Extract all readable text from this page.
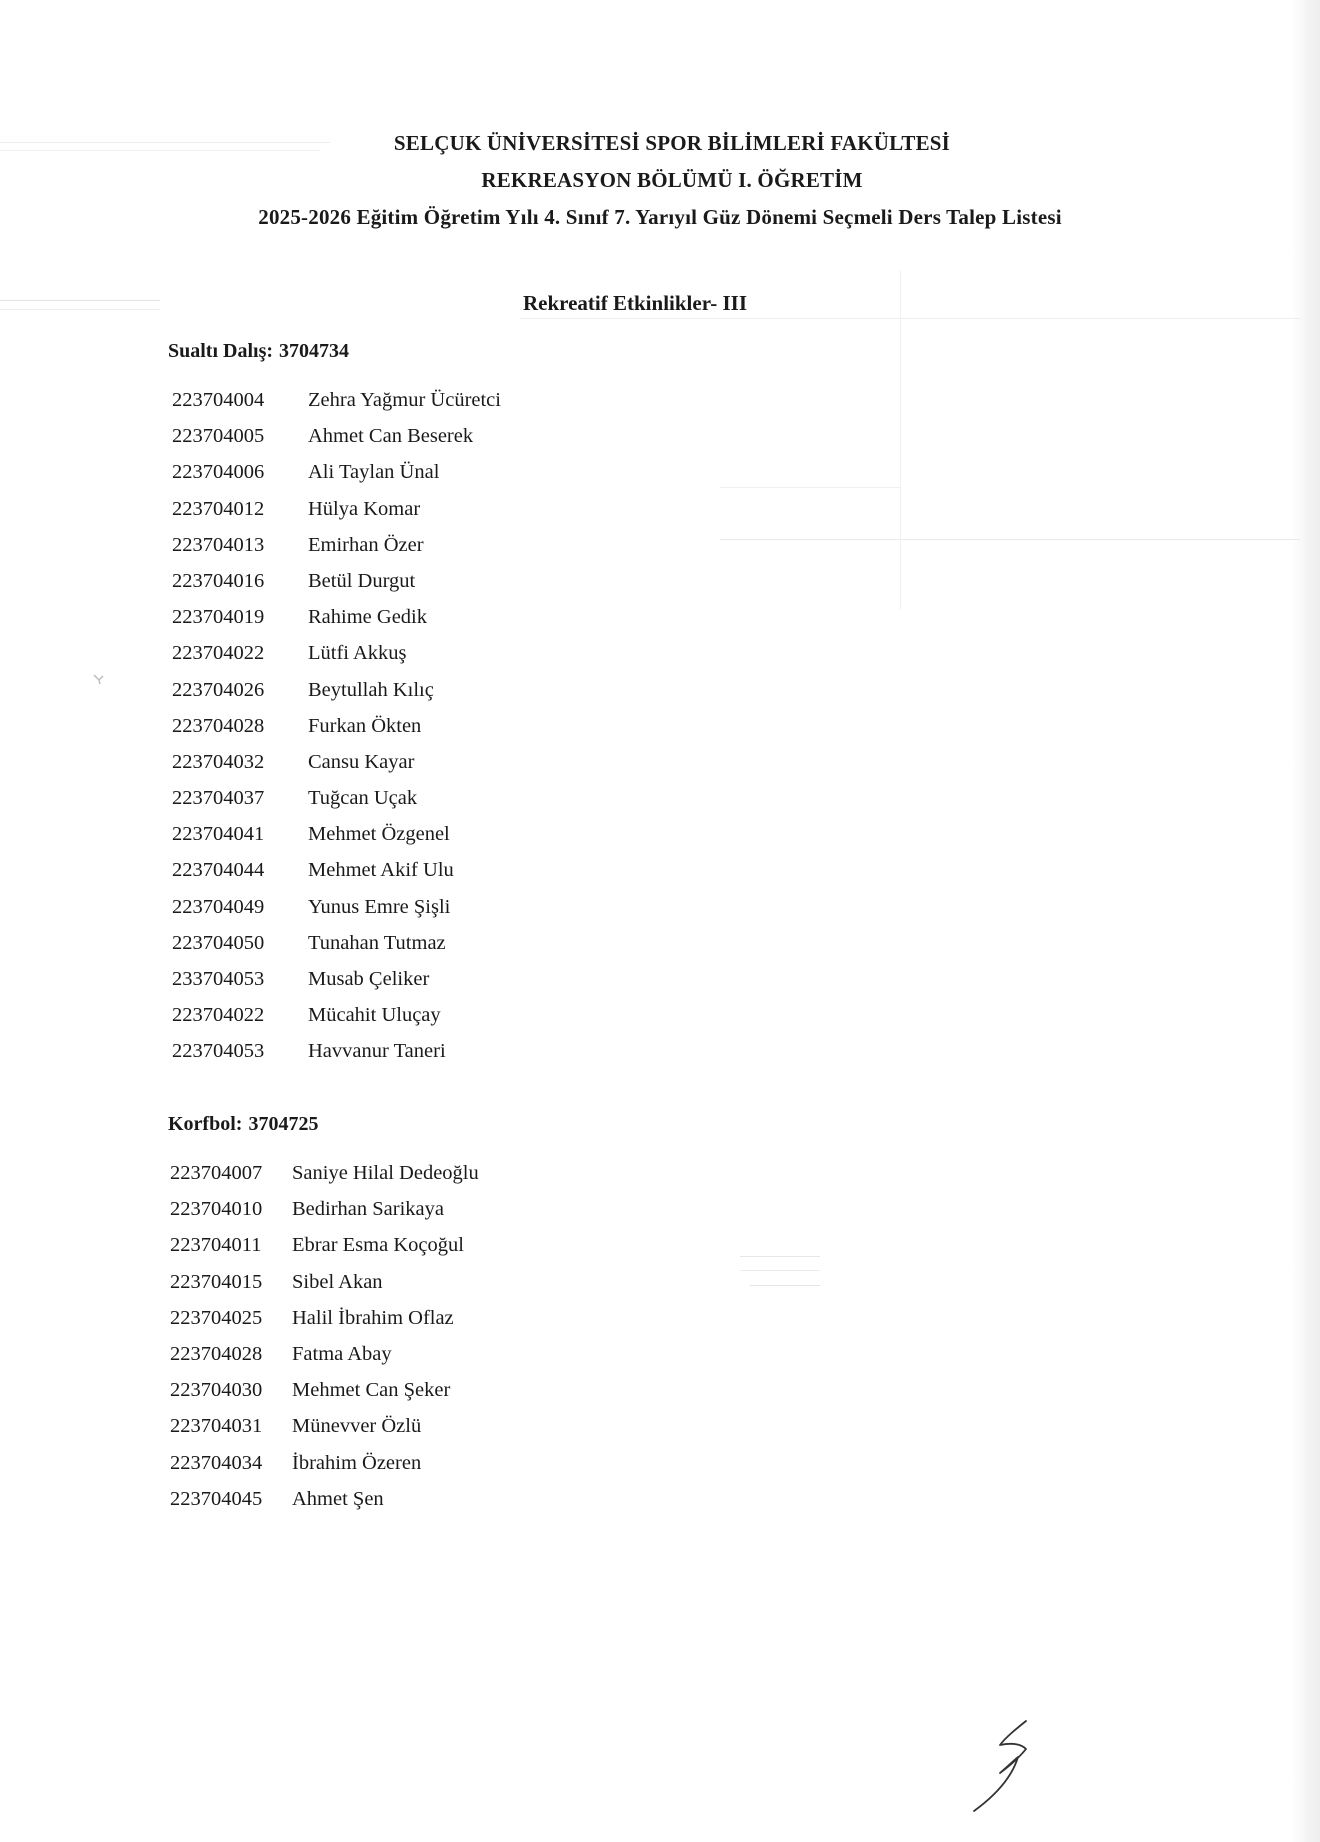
SELÇUK ÜNİVERSİTESİ SPOR BİLİMLERİ FAKÜLTESİ

REKREASYON BÖLÜMÜ I. ÖĞRETİM

2025-2026 Eğitim Öğretim Yılı 4. Sınıf 7. Yarıyıl Güz Dönemi Seçmeli Ders Talep Listesi

Rekreatif Etkinlikler- III

Sualtı Dalış: 3704734

223704004 Zehra Yağmur Ücüretci
223704005 Ahmet Can Beserek
223704006 Ali Taylan Ünal
223704012 Hülya Komar
223704013 Emirhan Özer
223704016 Betül Durgut
223704019 Rahime Gedik
223704022 Lütfi Akkuş
223704026 Beytullah Kılıç
223704028 Furkan Ökten
223704032 Cansu Kayar
223704037 Tuğcan Uçak
223704041 Mehmet Özgenel
223704044 Mehmet Akif Ulu
223704049 Yunus Emre Şişli
223704050 Tunahan Tutmaz
233704053 Musab Çeliker
223704022 Mücahit Uluçay
223704053 Havvanur Taneri

Korfbol: 3704725

223704007 Saniye Hilal Dedeoğlu
223704010 Bedirhan Sarikaya
223704011 Ebrar Esma Koçoğul
223704015 Sibel Akan
223704025 Halil İbrahim Oflaz
223704028 Fatma Abay
223704030 Mehmet Can Şeker
223704031 Münevver Özlü
223704034 İbrahim Özeren
223704045 Ahmet Şen
